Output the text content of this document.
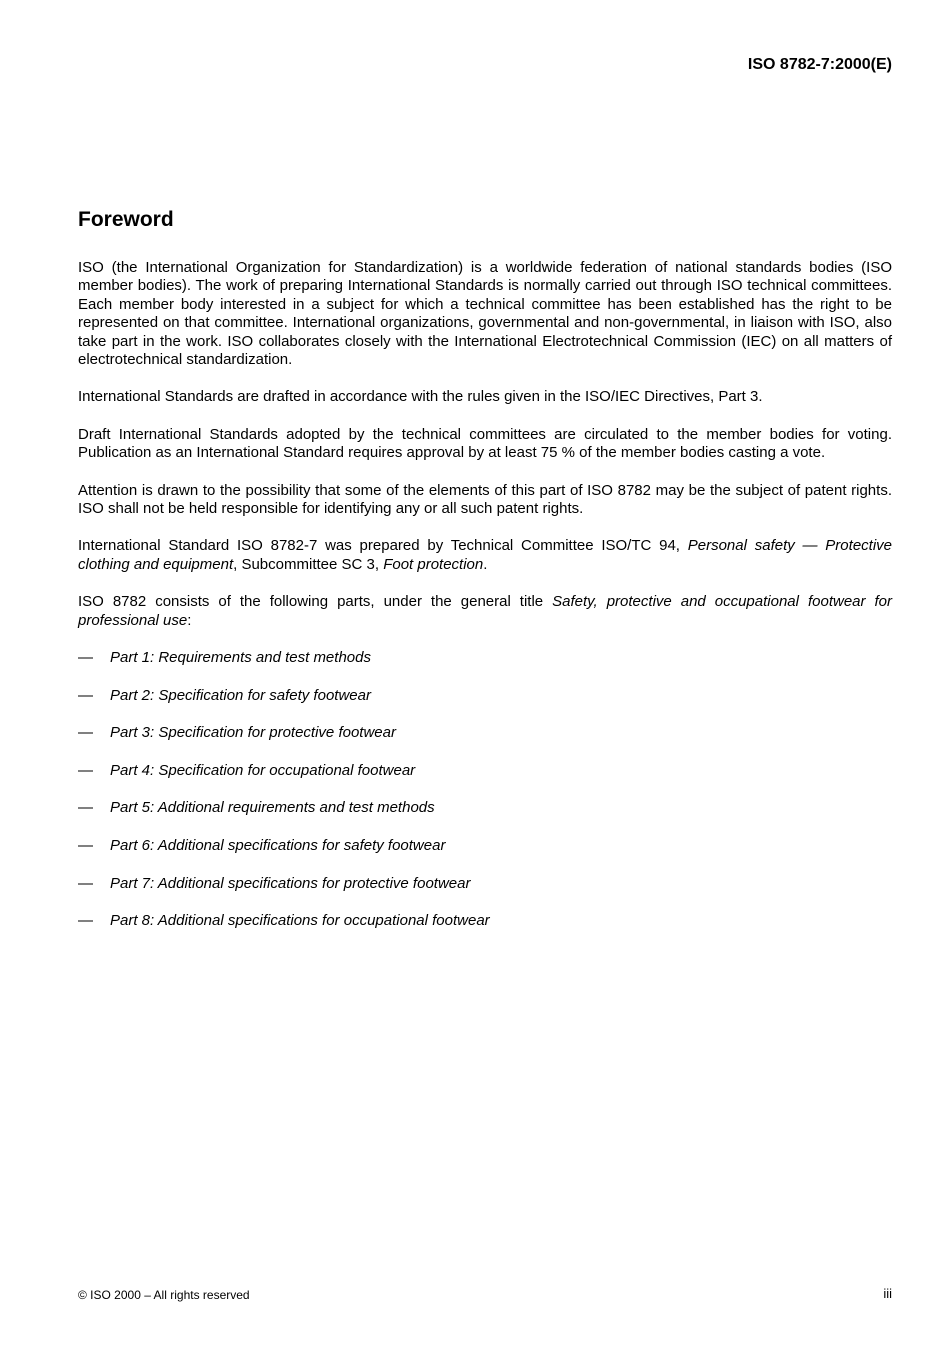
ISO 8782-7:2000(E)

Foreword

ISO (the International Organization for Standardization) is a worldwide federation of national standards bodies (ISO member bodies). The work of preparing International Standards is normally carried out through ISO technical committees. Each member body interested in a subject for which a technical committee has been established has the right to be represented on that committee. International organizations, governmental and non-governmental, in liaison with ISO, also take part in the work. ISO collaborates closely with the International Electrotechnical Commission (IEC) on all matters of electrotechnical standardization.

International Standards are drafted in accordance with the rules given in the ISO/IEC Directives, Part 3.

Draft International Standards adopted by the technical committees are circulated to the member bodies for voting. Publication as an International Standard requires approval by at least 75 % of the member bodies casting a vote.

Attention is drawn to the possibility that some of the elements of this part of ISO 8782 may be the subject of patent rights. ISO shall not be held responsible for identifying any or all such patent rights.

International Standard ISO 8782-7 was prepared by Technical Committee ISO/TC 94, Personal safety — Protective clothing and equipment, Subcommittee SC 3, Foot protection.

ISO 8782 consists of the following parts, under the general title Safety, protective and occupational footwear for professional use:

—	Part 1: Requirements and test methods
—	Part 2: Specification for safety footwear
—	Part 3: Specification for protective footwear
—	Part 4: Specification for occupational footwear
—	Part 5: Additional requirements and test methods
—	Part 6: Additional specifications for safety footwear
—	Part 7: Additional specifications for protective footwear
—	Part 8: Additional specifications for occupational footwear

© ISO 2000 – All rights reserved	iii
